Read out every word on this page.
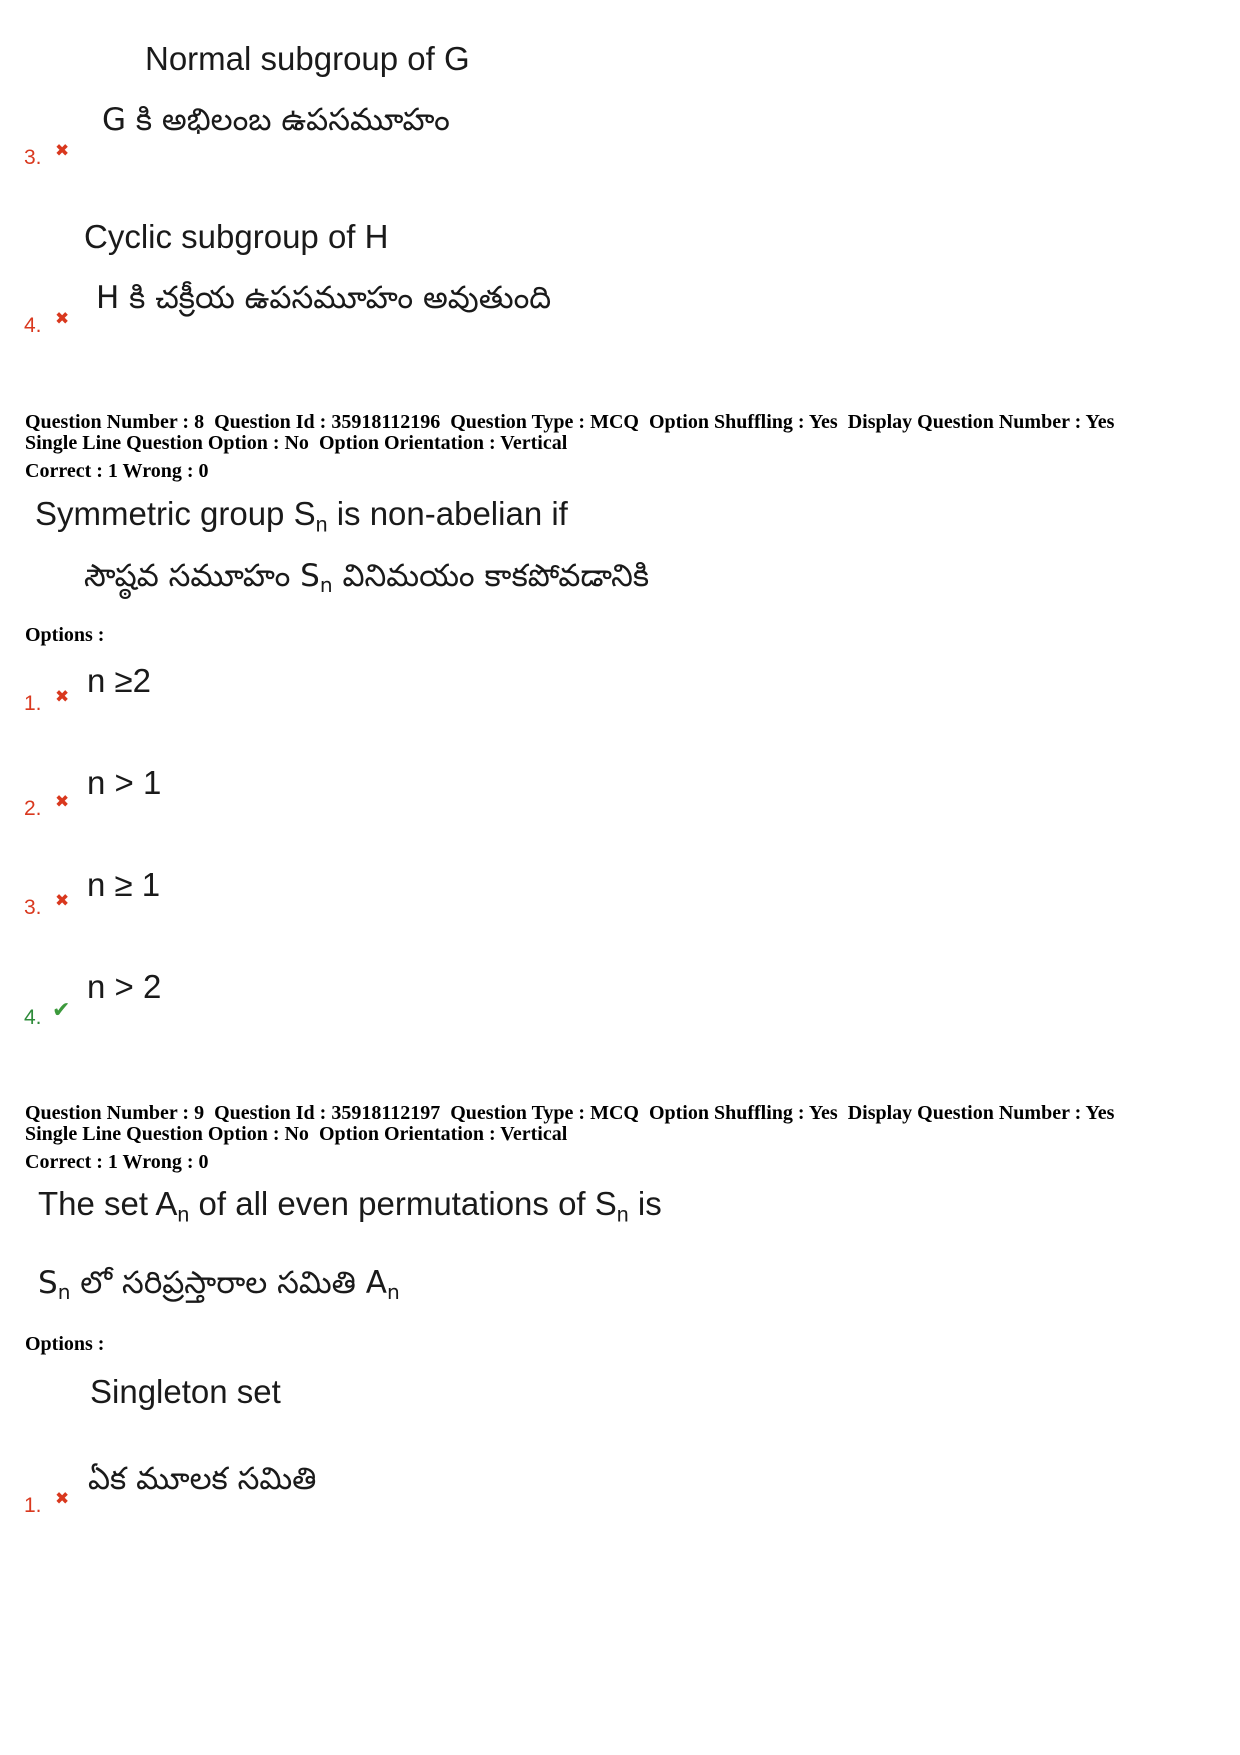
Normal subgroup of G
G కి అభిలంబ ఉపసమూహం
3. ✖
Cyclic subgroup of H
H కి చక్రీయ ఉపసమూహం అవుతుంది
4. ✖
Question Number : 8 Question Id : 35918112196 Question Type : MCQ Option Shuffling : Yes Display Question Number : Yes
Single Line Question Option : No Option Orientation : Vertical
Correct : 1 Wrong : 0
Symmetric group $S_n$ is non-abelian if
సౌష్ఠవ సమూహం $S_n$ వినిమయం కాకపోవడానికి
Options :
n ≥2
1. ✖
n > 1
2. ✖
n ≥ 1
3. ✖
n > 2
4. ✔
Question Number : 9 Question Id : 35918112197 Question Type : MCQ Option Shuffling : Yes Display Question Number : Yes
Single Line Question Option : No Option Orientation : Vertical
Correct : 1 Wrong : 0
The set $A_n$ of all even permutations of $S_n$ is
$S_n$ లో సరిప్రస్తారాల సమితి $A_n$
Options :
Singleton set
ఏక మూలక సమితి
1. ✖
